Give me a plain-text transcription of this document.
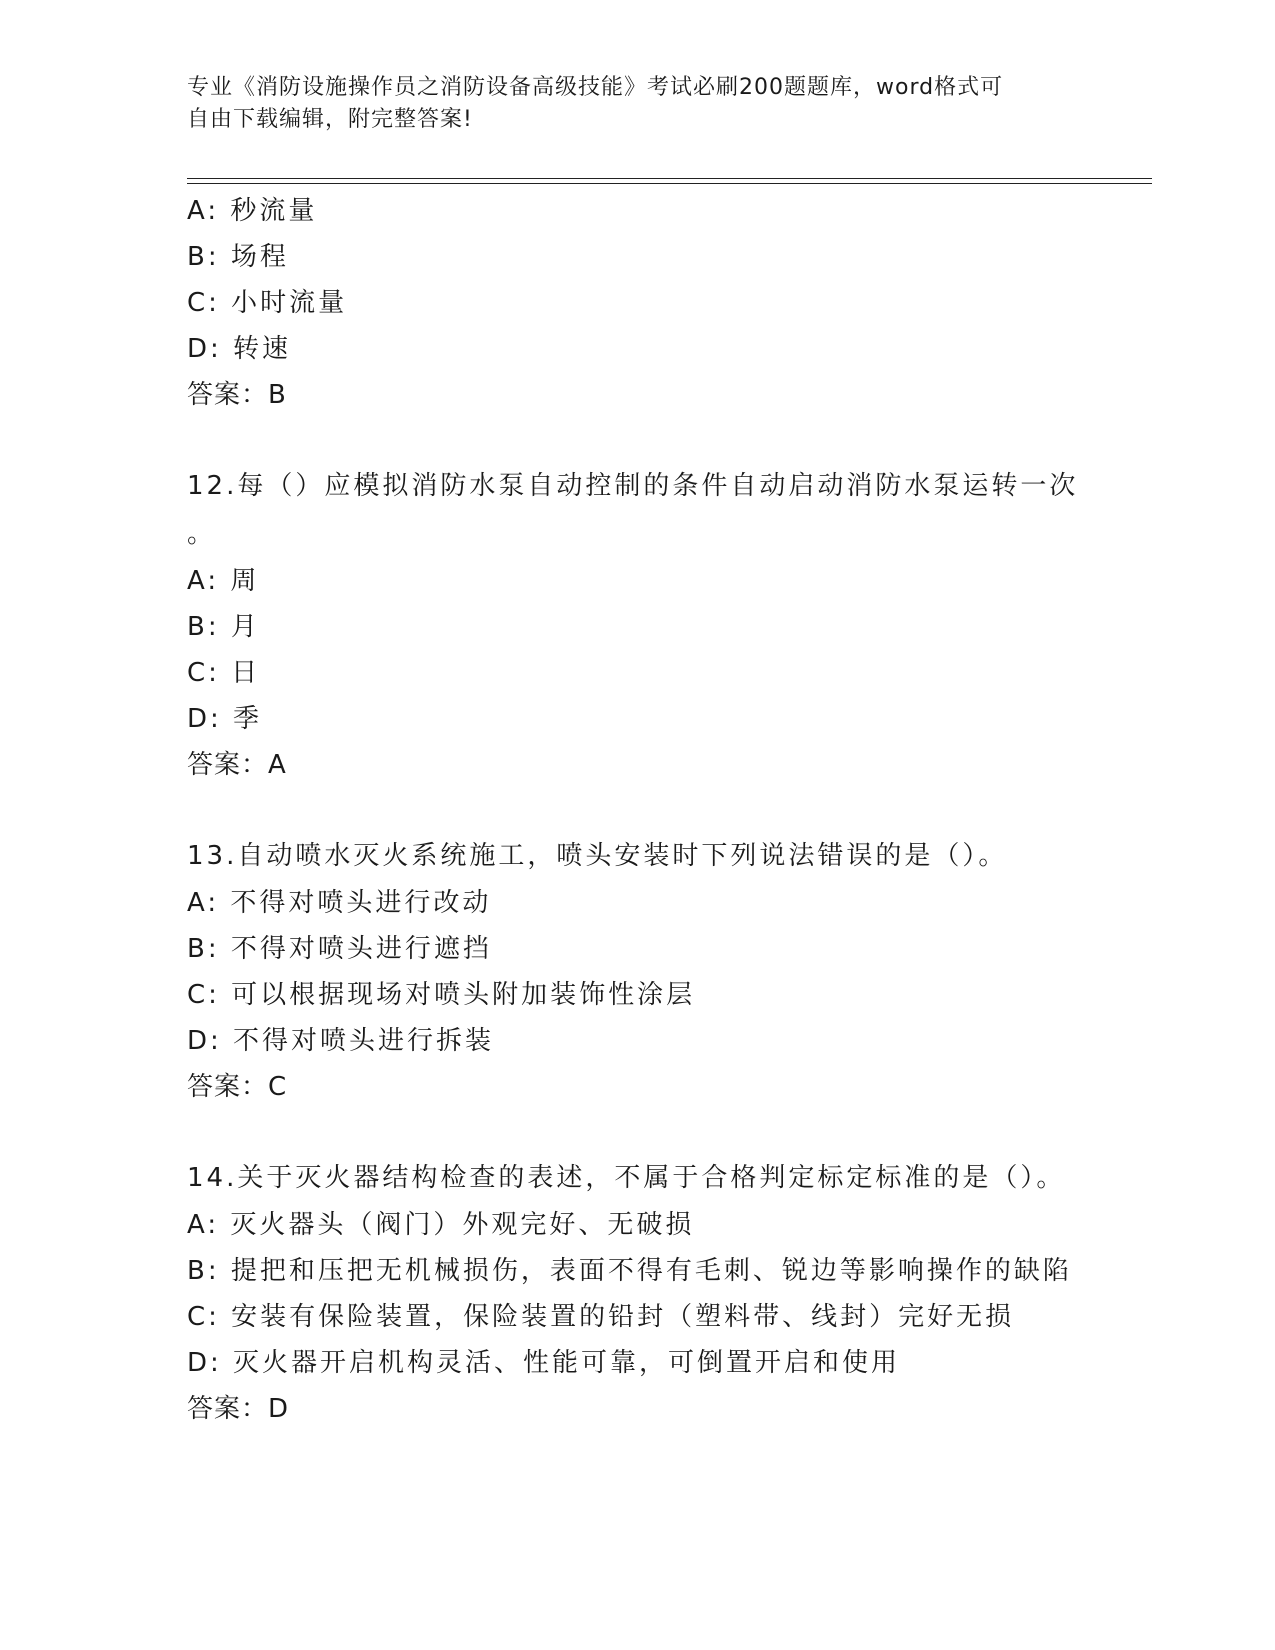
专业《消防设施操作员之消防设备高级技能》考试必刷200题题库，word格式可
自由下载编辑，附完整答案!
A: 秒流量
B: 场程
C: 小时流量
D: 转速
答案：B
12.每（）应模拟消防水泵自动控制的条件自动启动消防水泵运转一次
。
A: 周
B: 月
C: 日
D: 季
答案：A
13.自动喷水灭火系统施工，喷头安装时下列说法错误的是（）。
A: 不得对喷头进行改动
B: 不得对喷头进行遮挡
C: 可以根据现场对喷头附加装饰性涂层
D: 不得对喷头进行拆装
答案：C
14.关于灭火器结构检查的表述，不属于合格判定标定标准的是（）。
A: 灭火器头（阀门）外观完好、无破损
B: 提把和压把无机械损伤，表面不得有毛刺、锐边等影响操作的缺陷
C: 安装有保险装置，保险装置的铅封（塑料带、线封）完好无损
D: 灭火器开启机构灵活、性能可靠，可倒置开启和使用
答案：D
